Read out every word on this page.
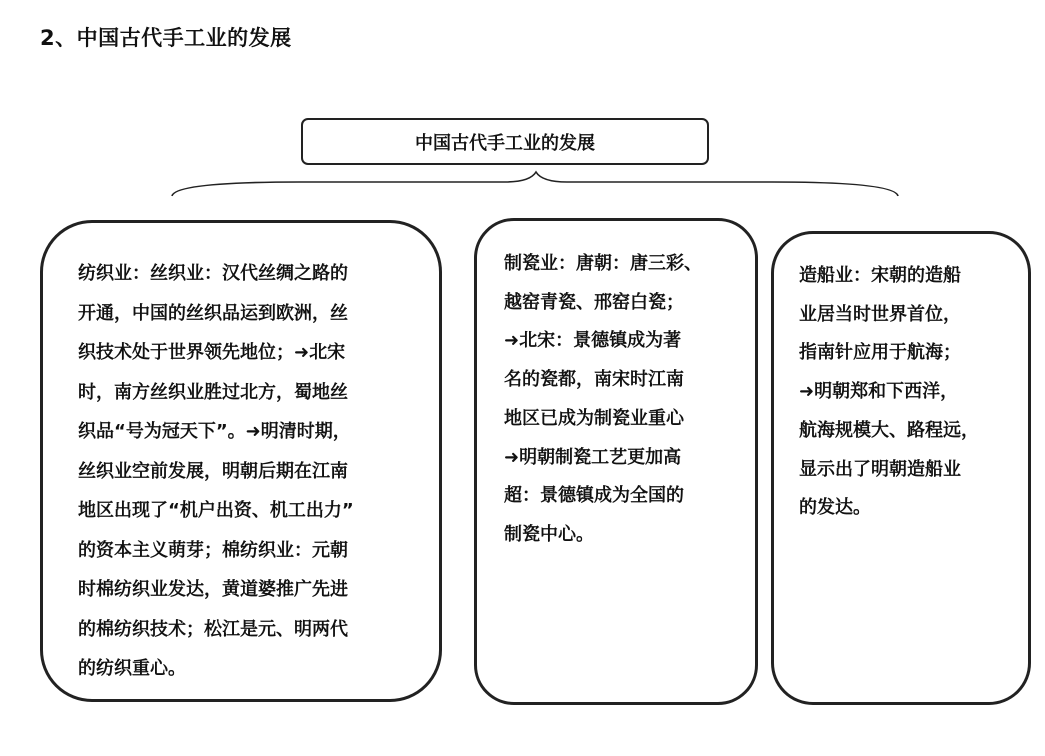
2、中国古代手工业的发展
中国古代手工业的发展

纺织业：丝织业：汉代丝绸之路的
开通，中国的丝织品运到欧洲，丝
织技术处于世界领先地位；➜北宋
时，南方丝织业胜过北方，蜀地丝
织品“号为冠天下”。➜明清时期，
丝织业空前发展，明朝后期在江南
地区出现了“机户出资、机工出力”
的资本主义萌芽；棉纺织业：元朝
时棉纺织业发达，黄道婆推广先进
的棉纺织技术；松江是元、明两代
的纺织重心。

制瓷业：唐朝：唐三彩、
越窑青瓷、邢窑白瓷；
➜北宋：景德镇成为著
名的瓷都，南宋时江南
地区已成为制瓷业重心
➜明朝制瓷工艺更加高
超：景德镇成为全国的
制瓷中心。

造船业：宋朝的造船
业居当时世界首位，
指南针应用于航海；
➜明朝郑和下西洋，
航海规模大、路程远，
显示出了明朝造船业
的发达。
